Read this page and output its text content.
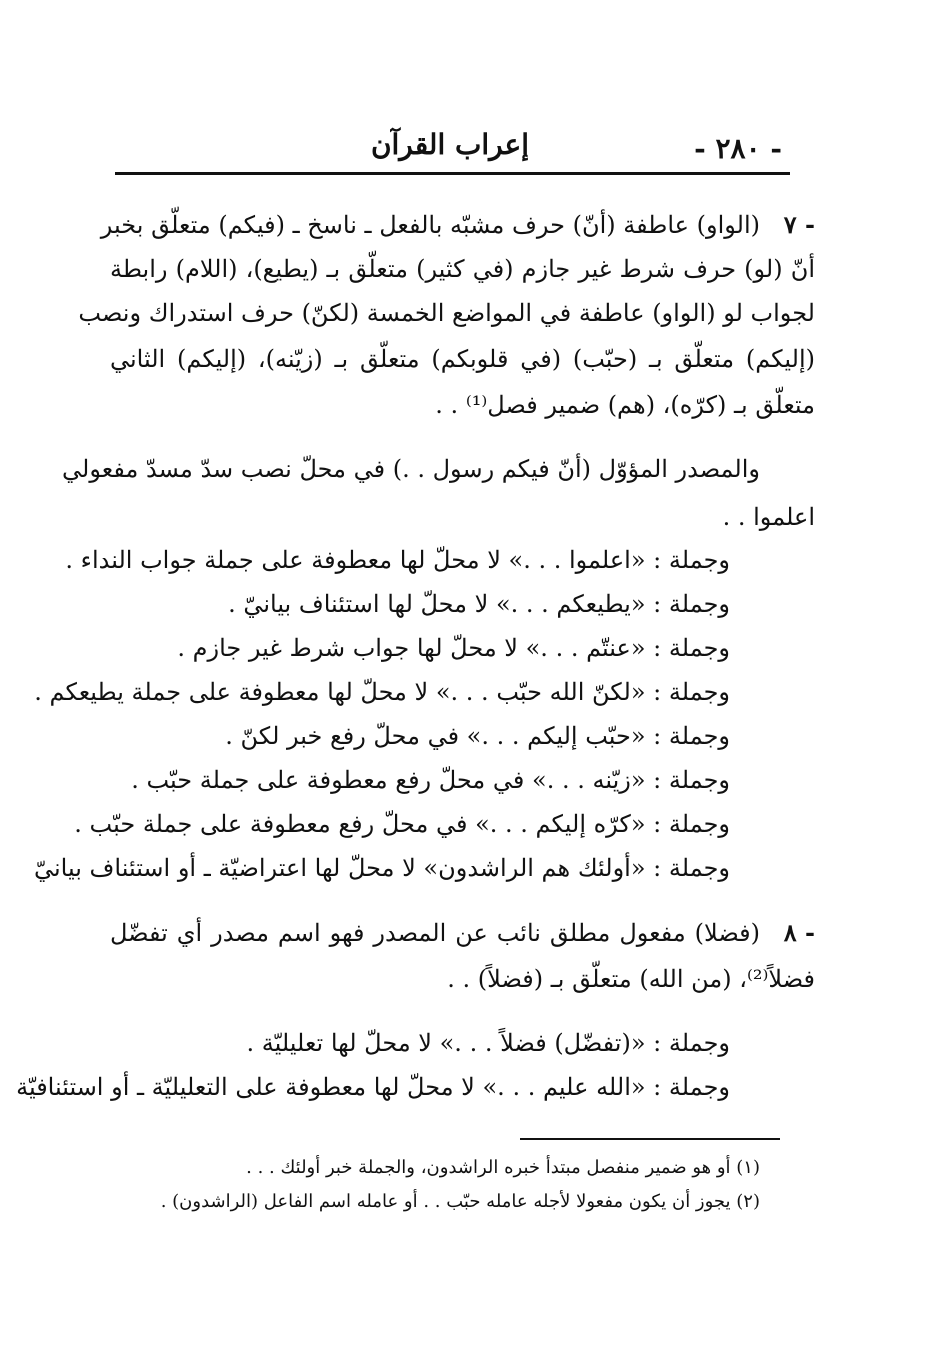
- ٢٨٠ -
إعراب القرآن
٧ -
(الواو) عاطفة (أنّ) حرف مشبّه بالفعل ـ ناسخ ـ (فيكم) متعلّق بخبر
أنّ (لو) حرف شرط غير جازم (في كثير) متعلّق بـ (يطيع)، (اللام) رابطة
لجواب لو (الواو) عاطفة في المواضع الخمسة (لكنّ) حرف استدراك ونصب
(إليكم) متعلّق بـ (حبّب) (في قلوبكم) متعلّق بـ (زيّنه)، (إليكم) الثاني
متعلّق بـ (كرّه)، (هم) ضمير فصل⁽¹⁾ . .
والمصدر المؤوّل (أنّ فيكم رسول . .) في محلّ نصب سدّ مسدّ مفعولي
اعلموا . .
وجملة : «اعلموا . . .» لا محلّ لها معطوفة على جملة جواب النداء .
وجملة : «يطيعكم . . .» لا محلّ لها استئناف بيانيّ .
وجملة : «عنتّم . . .» لا محلّ لها جواب شرط غير جازم .
وجملة : «لكنّ الله حبّب . . .» لا محلّ لها معطوفة على جملة يطيعكم .
وجملة : «حبّب إليكم . . .» في محلّ رفع خبر لكنّ .
وجملة : «زيّنه . . .» في محلّ رفع معطوفة على جملة حبّب .
وجملة : «كرّه إليكم . . .» في محلّ رفع معطوفة على جملة حبّب .
وجملة : «أولئك هم الراشدون» لا محلّ لها اعتراضيّة ـ أو استئناف بيانيّ
٨ -
(فضلا) مفعول مطلق نائب عن المصدر فهو اسم مصدر أي تفضّل
فضلاً⁽²⁾، (من الله) متعلّق بـ (فضلاً) . .
وجملة : «(تفضّل) فضلاً . . .» لا محلّ لها تعليليّة .
وجملة : «الله عليم . . .» لا محلّ لها معطوفة على التعليليّة ـ أو استئنافيّة
(١) أو هو ضمير منفصل مبتدأ خبره الراشدون، والجملة خبر أولئك . . .
(٢) يجوز أن يكون مفعولا لأجله عامله حبّب . . أو عامله اسم الفاعل (الراشدون) .
